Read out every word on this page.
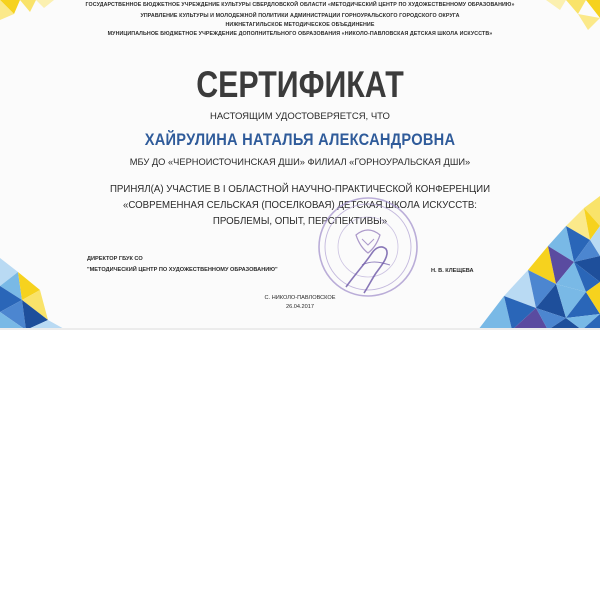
ГОСУДАРСТВЕННОЕ БЮДЖЕТНОЕ УЧРЕЖДЕНИЕ КУЛЬТУРЫ СВЕРДЛОВСКОЙ ОБЛАСТИ «МЕТОДИЧЕСКИЙ ЦЕНТР ПО ХУДОЖЕСТВЕННОМУ ОБРАЗОВАНИЮ»
УПРАВЛЕНИЕ КУЛЬТУРЫ И МОЛОДЕЖНОЙ ПОЛИТИКИ АДМИНИСТРАЦИИ ГОРНОУРАЛЬСКОГО ГОРОДСКОГО ОКРУГА
НИЖНЕТАГИЛЬСКОЕ МЕТОДИЧЕСКОЕ ОБЪЕДИНЕНИЕ
МУНИЦИПАЛЬНОЕ БЮДЖЕТНОЕ УЧРЕЖДЕНИЕ ДОПОЛНИТЕЛЬНОГО ОБРАЗОВАНИЯ «НИКОЛО-ПАВЛОВСКАЯ ДЕТСКАЯ ШКОЛА ИСКУССТВ»
СЕРТИФИКАТ
НАСТОЯЩИМ УДОСТОВЕРЯЕТСЯ, ЧТО
ХАЙРУЛИНА НАТАЛЬЯ АЛЕКСАНДРОВНА
МБУ ДО «ЧЕРНОИСТОЧИНСКАЯ ДШИ» ФИЛИАЛ «ГОРНОУРАЛЬСКАЯ ДШИ»
ПРИНЯЛ(А) УЧАСТИЕ В I ОБЛАСТНОЙ НАУЧНО-ПРАКТИЧЕСКОЙ КОНФЕРЕНЦИИ
«СОВРЕМЕННАЯ СЕЛЬСКАЯ (ПОСЕЛКОВАЯ) ДЕТСКАЯ ШКОЛА ИСКУССТВ:
ПРОБЛЕМЫ, ОПЫТ, ПЕРСПЕКТИВЫ»
ДИРЕКТОР ГБУК СО
"МЕТОДИЧЕСКИЙ ЦЕНТР ПО ХУДОЖЕСТВЕННОМУ ОБРАЗОВАНИЮ"	Н. В. КЛЕЩЕВА
С. НИКОЛО-ПАВЛОВСКОЕ
26.04.2017
